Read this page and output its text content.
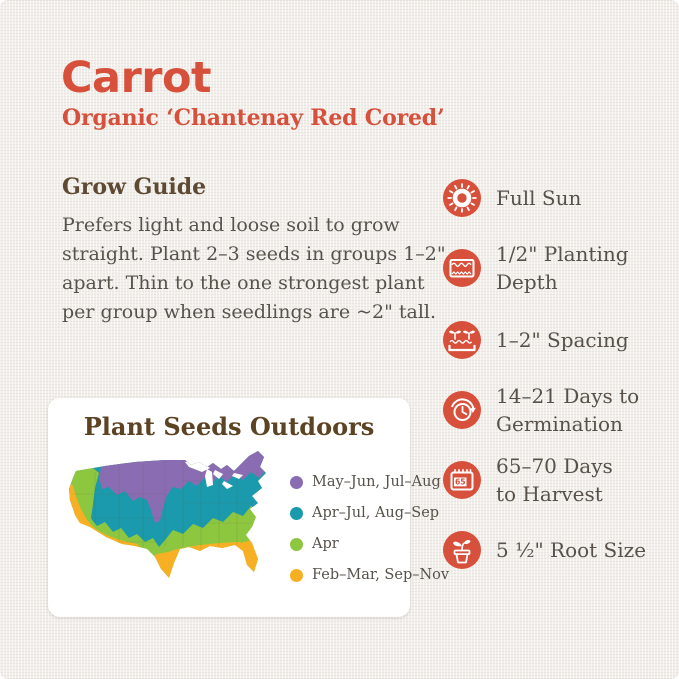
Carrot
Organic ‘Chantenay Red Cored’
Grow Guide
Prefers light and loose soil to grow
straight. Plant 2–3 seeds in groups 1–2"
apart. Thin to the one strongest plant
per group when seedlings are ~2" tall.
Full Sun
1/2" Planting
Depth
1–2" Spacing
14–21 Days to
Germination
65
65–70 Days
to Harvest
5 ½" Root Size
Plant Seeds Outdoors
May–Jun, Jul–Aug
Apr–Jul, Aug–Sep
Apr
Feb–Mar, Sep–Nov
